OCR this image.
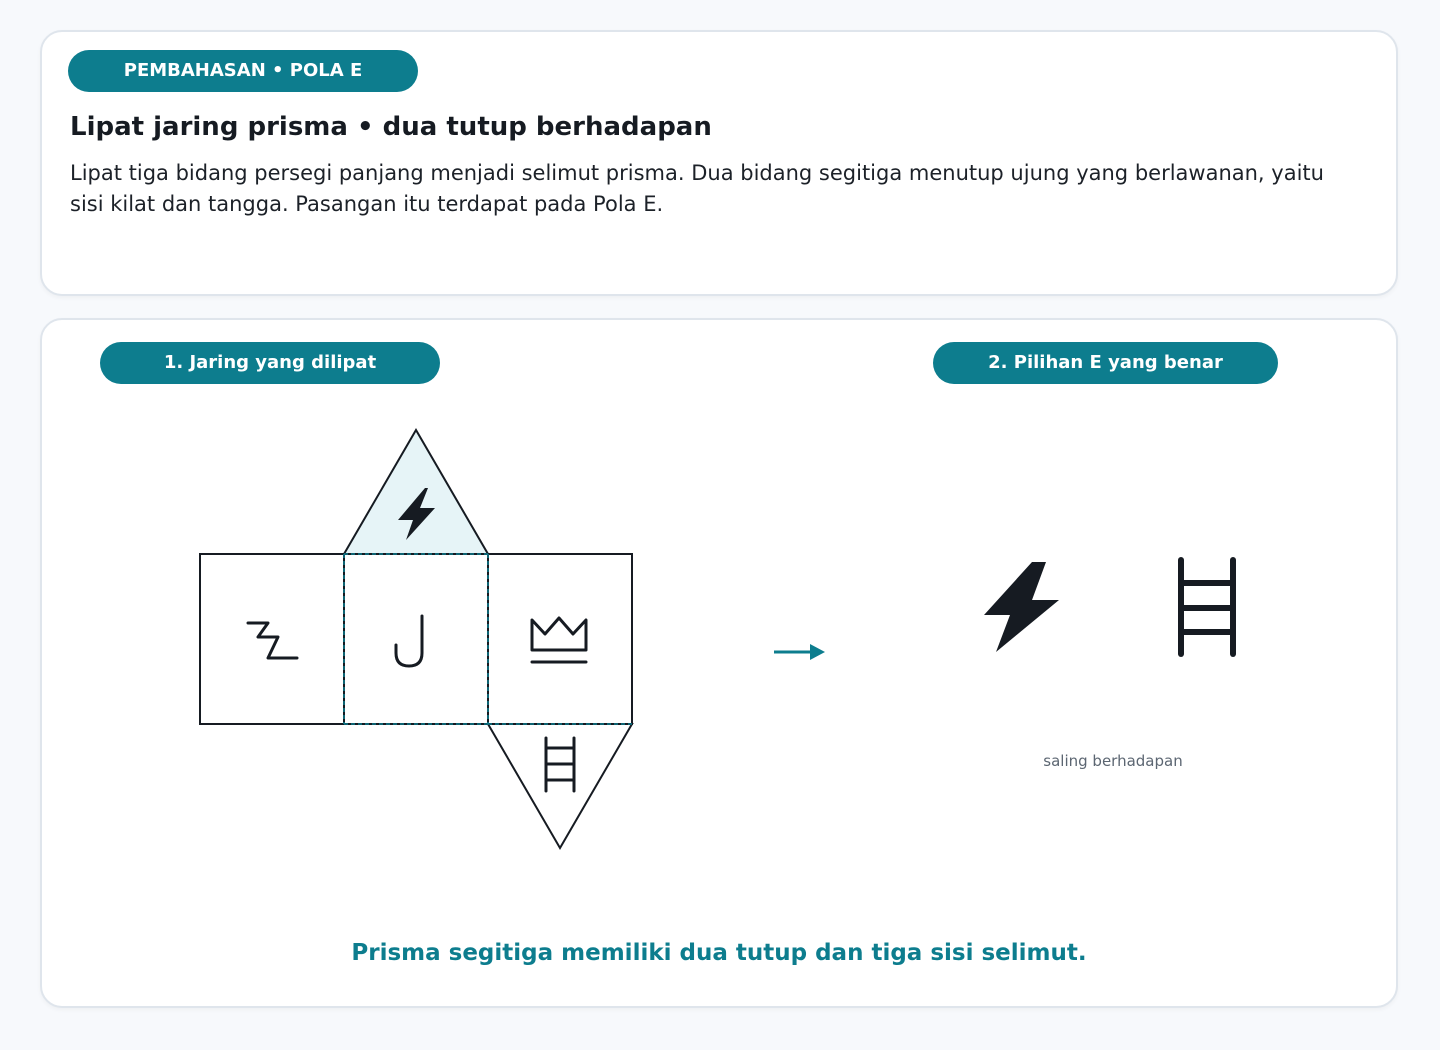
PEMBAHASAN • POLA E
Lipat jaring prisma • dua tutup berhadapan

Lipat tiga bidang persegi panjang menjadi selimut prisma. Dua bidang segitiga menutup ujung yang berlawanan, yaitu sisi kilat dan tangga. Pasangan itu terdapat pada Pola E.

1. Jaring yang dilipat	2. Pilihan E yang benar
saling berhadapan
Prisma segitiga memiliki dua tutup dan tiga sisi selimut.
